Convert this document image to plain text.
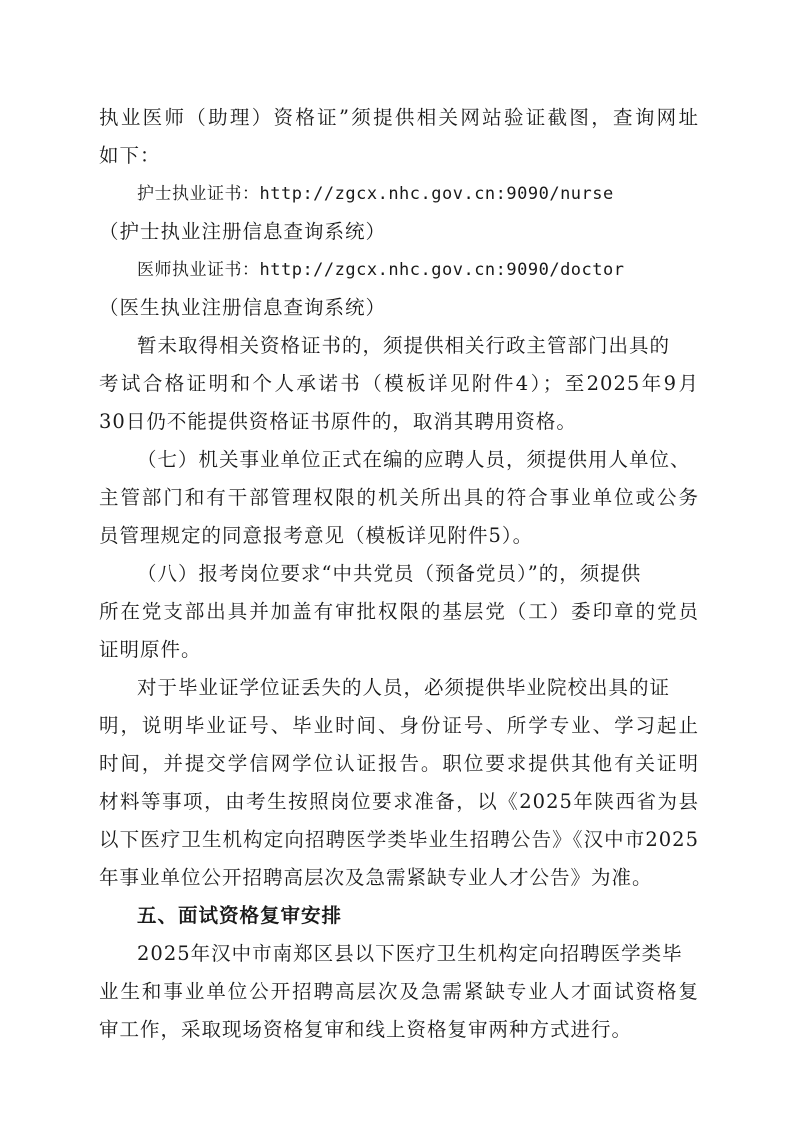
执业医师（助理）资格证”须提供相关网站验证截图，查询网址
如下：
护士执业证书：http://zgcx.nhc.gov.cn:9090/nurse
（护士执业注册信息查询系统）
医师执业证书：http://zgcx.nhc.gov.cn:9090/doctor
（医生执业注册信息查询系统）
暂未取得相关资格证书的，须提供相关行政主管部门出具的
考试合格证明和个人承诺书（模板详见附件4）；至2025年9月
30日仍不能提供资格证书原件的，取消其聘用资格。
（七）机关事业单位正式在编的应聘人员，须提供用人单位、
主管部门和有干部管理权限的机关所出具的符合事业单位或公务
员管理规定的同意报考意见（模板详见附件5）。
（八）报考岗位要求“中共党员（预备党员）”的，须提供
所在党支部出具并加盖有审批权限的基层党（工）委印章的党员
证明原件。
对于毕业证学位证丢失的人员，必须提供毕业院校出具的证
明，说明毕业证号、毕业时间、身份证号、所学专业、学习起止
时间，并提交学信网学位认证报告。职位要求提供其他有关证明
材料等事项，由考生按照岗位要求准备，以《2025年陕西省为县
以下医疗卫生机构定向招聘医学类毕业生招聘公告》《汉中市2025
年事业单位公开招聘高层次及急需紧缺专业人才公告》为准。
五、面试资格复审安排
2025年汉中市南郑区县以下医疗卫生机构定向招聘医学类毕
业生和事业单位公开招聘高层次及急需紧缺专业人才面试资格复
审工作，采取现场资格复审和线上资格复审两种方式进行。
